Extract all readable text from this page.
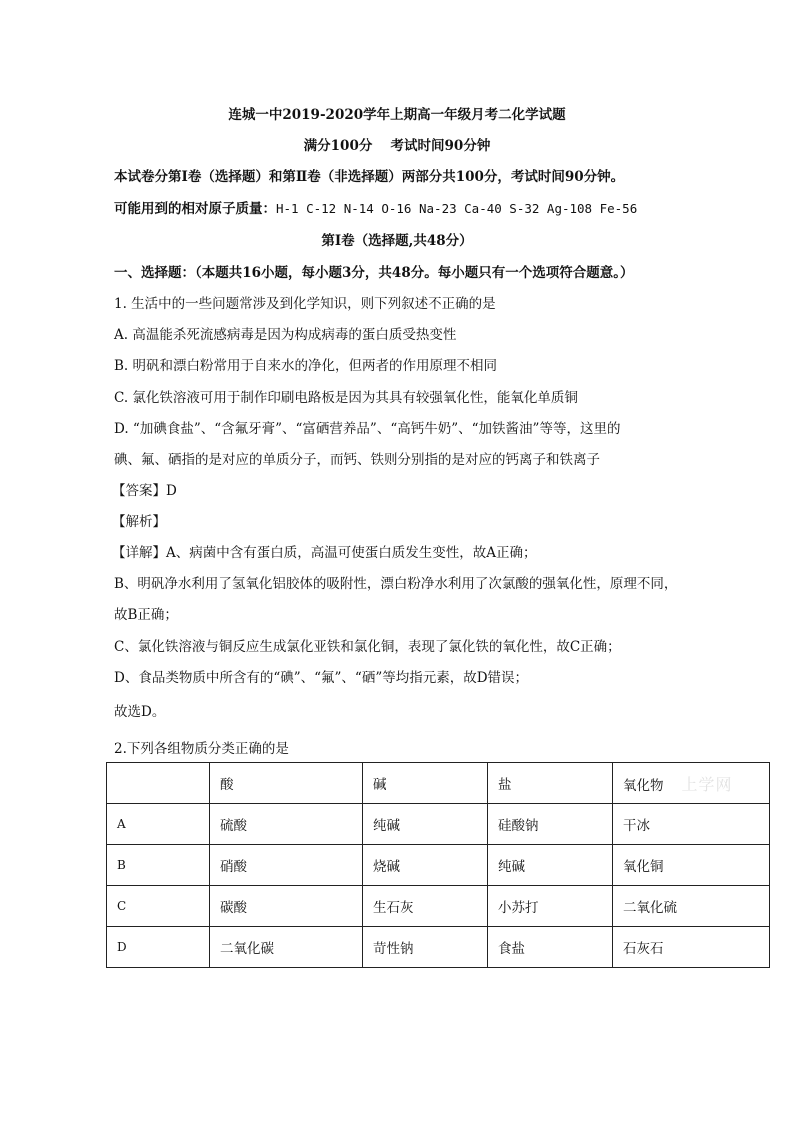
连城一中2019-2020学年上期高一年级月考二化学试题
满分100分　 考试时间90分钟
本试卷分第Ⅰ卷（选择题）和第Ⅱ卷（非选择题）两部分共100分，考试时间90分钟。
可能用到的相对原子质量：H-1 C-12 N-14 O-16 Na-23 Ca-40 S-32 Ag-108 Fe-56
第Ⅰ卷（选择题,共48分）
一、选择题：（本题共16小题，每小题3分，共48分。每小题只有一个选项符合题意。）
1. 生活中的一些问题常涉及到化学知识，则下列叙述不正确的是
A. 高温能杀死流感病毒是因为构成病毒的蛋白质受热变性
B. 明矾和漂白粉常用于自来水的净化，但两者的作用原理不相同
C. 氯化铁溶液可用于制作印刷电路板是因为其具有较强氧化性，能氧化单质铜
D. “加碘食盐”、“含氟牙膏”、“富硒营养品”、“高钙牛奶”、“加铁酱油”等等，这里的
碘、氟、硒指的是对应的单质分子，而钙、铁则分别指的是对应的钙离子和铁离子
【答案】D
【解析】
【详解】A、病菌中含有蛋白质，高温可使蛋白质发生变性，故A正确；
B、明矾净水利用了氢氧化铝胶体的吸附性，漂白粉净水利用了次氯酸的强氧化性，原理不同，
故B正确；
C、氯化铁溶液与铜反应生成氯化亚铁和氯化铜，表现了氯化铁的氧化性，故C正确；
D、食品类物质中所含有的“碘”、“氟”、“硒”等均指元素，故D错误；
故选D。
2.下列各组物质分类正确的是
	酸	碱	盐	氧化物 上学网
A	硫酸	纯碱	硅酸钠	干冰
B	硝酸	烧碱	纯碱	氧化铜
C	碳酸	生石灰	小苏打	二氧化硫
D	二氧化碳	苛性钠	食盐	石灰石
